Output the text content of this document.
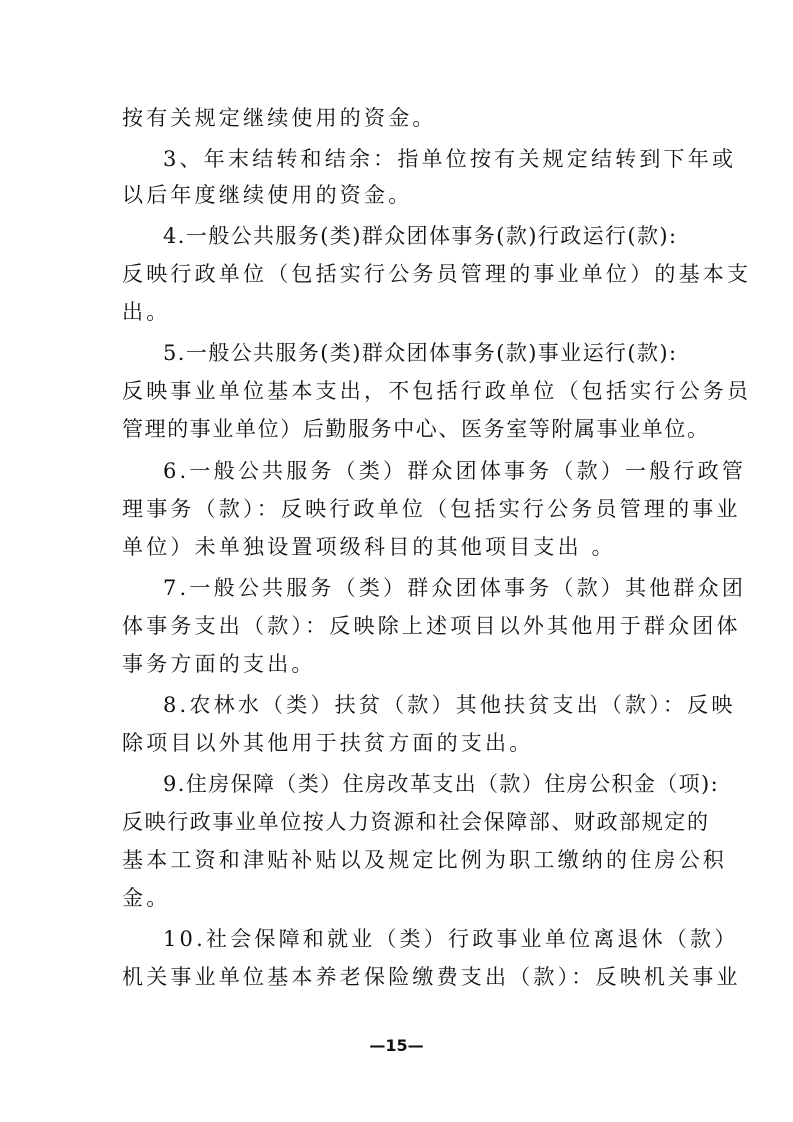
按有关规定继续使用的资金。
3、年末结转和结余：指单位按有关规定结转到下年或
以后年度继续使用的资金。
4.一般公共服务(类)群众团体事务(款)行政运行(款):
反映行政单位（包括实行公务员管理的事业单位）的基本支
出。
5.一般公共服务(类)群众团体事务(款)事业运行(款):
反映事业单位基本支出，不包括行政单位（包括实行公务员
管理的事业单位）后勤服务中心、医务室等附属事业单位。
6.一般公共服务（类）群众团体事务（款）一般行政管
理事务（款）：反映行政单位（包括实行公务员管理的事业
单位）未单独设置项级科目的其他项目支出 。
7.一般公共服务（类）群众团体事务（款）其他群众团
体事务支出（款）：反映除上述项目以外其他用于群众团体
事务方面的支出。
8.农林水（类）扶贫（款）其他扶贫支出（款）：反映
除项目以外其他用于扶贫方面的支出。
9.住房保障（类）住房改革支出（款）住房公积金（项):
反映行政事业单位按人力资源和社会保障部、财政部规定的
基本工资和津贴补贴以及规定比例为职工缴纳的住房公积
金。
10.社会保障和就业（类）行政事业单位离退休（款）
机关事业单位基本养老保险缴费支出（款）：反映机关事业
—15—
